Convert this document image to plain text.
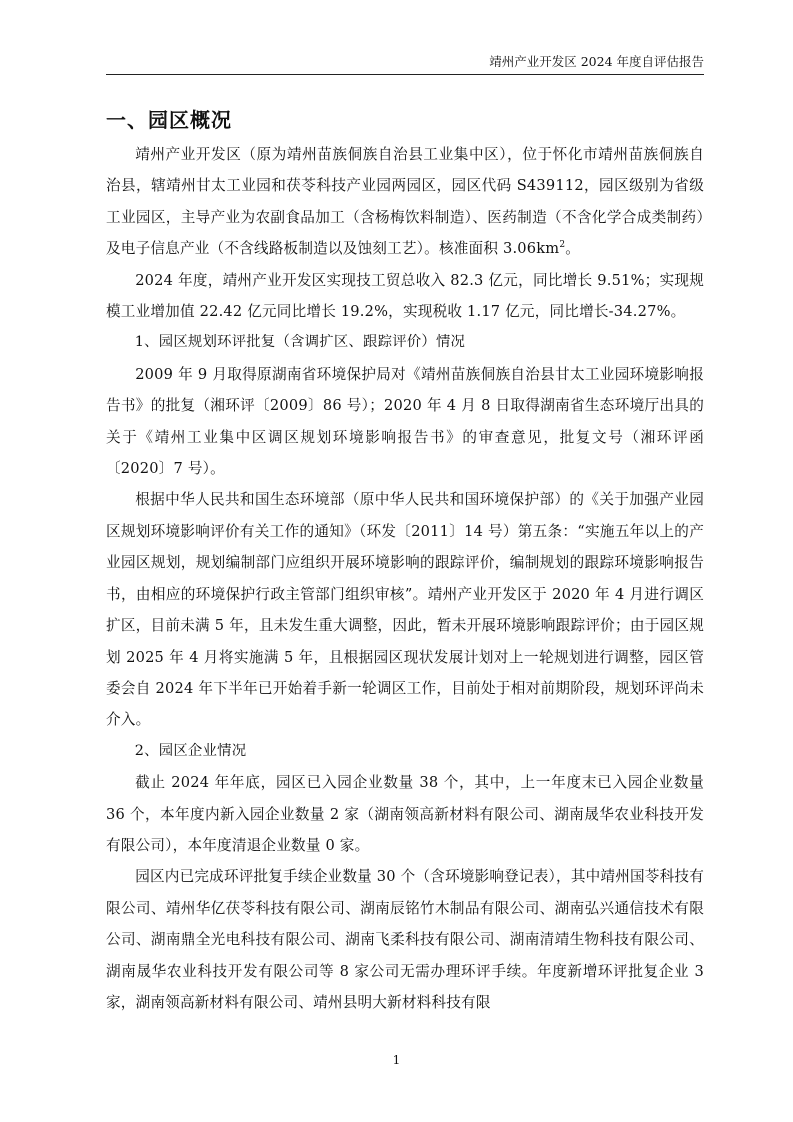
靖州产业开发区 2024 年度自评估报告
一、园区概况

靖州产业开发区（原为靖州苗族侗族自治县工业集中区），位于怀化市靖州苗族侗族自治县，辖靖州甘太工业园和茯苓科技产业园两园区，园区代码 S439112，园区级别为省级工业园区，主导产业为农副食品加工（含杨梅饮料制造）、医药制造（不含化学合成类制药）及电子信息产业（不含线路板制造以及蚀刻工艺）。核准面积 $3.06km^2$。

2024 年度，靖州产业开发区实现技工贸总收入 82.3 亿元，同比增长 9.51%；实现规模工业增加值 22.42 亿元同比增长 19.2%，实现税收 1.17 亿元，同比增长-34.27%。

1、园区规划环评批复（含调扩区、跟踪评价）情况

2009 年 9 月取得原湖南省环境保护局对《靖州苗族侗族自治县甘太工业园环境影响报告书》的批复（湘环评〔2009〕86 号）；2020 年 4 月 8 日取得湖南省生态环境厅出具的关于《靖州工业集中区调区规划环境影响报告书》的审查意见，批复文号（湘环评函〔2020〕7 号）。

根据中华人民共和国生态环境部（原中华人民共和国环境保护部）的《关于加强产业园区规划环境影响评价有关工作的通知》（环发〔2011〕14 号）第五条：“实施五年以上的产业园区规划，规划编制部门应组织开展环境影响的跟踪评价，编制规划的跟踪环境影响报告书，由相应的环境保护行政主管部门组织审核”。靖州产业开发区于 2020 年 4 月进行调区扩区，目前未满 5 年，且未发生重大调整，因此，暂未开展环境影响跟踪评价；由于园区规划 2025 年 4 月将实施满 5 年，且根据园区现状发展计划对上一轮规划进行调整，园区管委会自 2024 年下半年已开始着手新一轮调区工作，目前处于相对前期阶段，规划环评尚未介入。

2、园区企业情况

截止 2024 年年底，园区已入园企业数量 38 个，其中，上一年度末已入园企业数量 36 个，本年度内新入园企业数量 2 家（湖南领高新材料有限公司、湖南晟华农业科技开发有限公司），本年度清退企业数量 0 家。

园区内已完成环评批复手续企业数量 30 个（含环境影响登记表），其中靖州国苓科技有限公司、靖州华亿茯苓科技有限公司、湖南辰铭竹木制品有限公司、湖南弘兴通信技术有限公司、湖南鼎全光电科技有限公司、湖南飞柔科技有限公司、湖南清靖生物科技有限公司、湖南晟华农业科技开发有限公司等 8 家公司无需办理环评手续。年度新增环评批复企业 3 家，湖南领高新材料有限公司、靖州县明大新材料科技有限

1
